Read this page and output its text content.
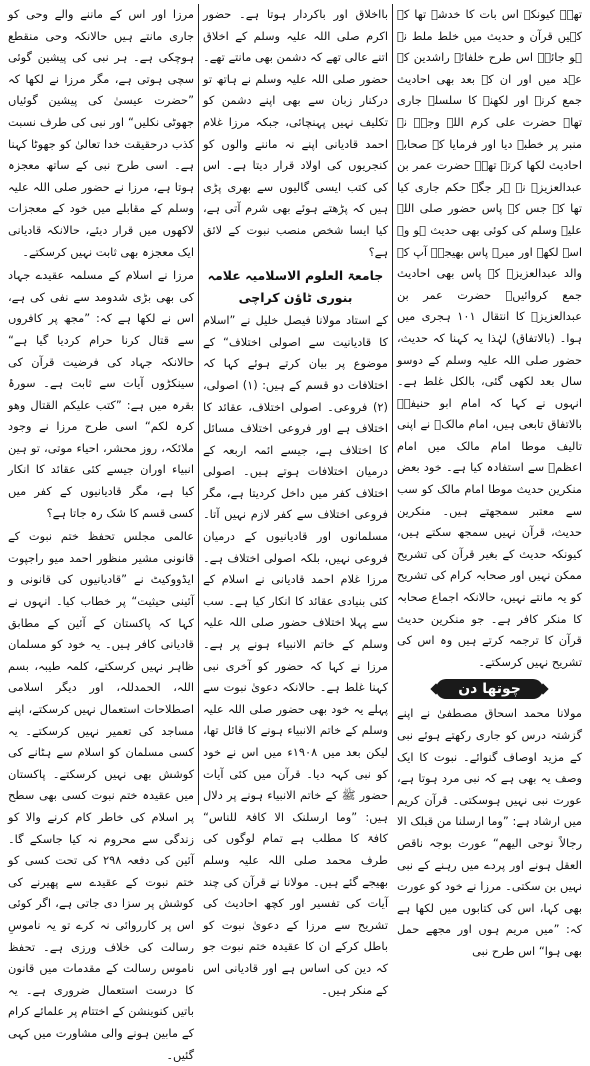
تھے۔ کیونکہ اس بات کا خدشہ تھا کہ کہیں قرآن و حدیث میں خلط ملط نہ ہو جائے۔ اس طرح خلفائے راشدین کے عہد میں اور ان کے بعد بھی احادیث جمع کرنے اور لکھنے کا سلسلہ جاری تھا۔ حضرت علی کرم اللہ وجہہ نے منبر پر خطبہ دیا اور فرمایا کہ صحابہ احادیث لکھا کرتے تھے۔ حضرت عمر بن عبدالعزیزؒ نے ہر جگہ حکم جاری کیا تھا کہ جس کے پاس حضور صلی اللہ علیہ وسلم کی کوئی بھی حدیث ہو وہ اسے لکھے اور میرے پاس بھیجے۔ آپ کے والد عبدالعزیزؒ کے پاس بھی احادیث جمع کروائیں۔ حضرت عمر بن عبدالعزیزؒ کا انتقال ۱۰۱ ہجری میں ہوا۔ (بالاتفاق) لہٰذا یہ کہنا کہ حدیث، حضور صلی اللہ علیہ وسلم کے دوسو سال بعد لکھی گئی، بالکل غلط ہے۔ انہوں نے کہا کہ امام ابو حنیفہؒ بالاتفاق تابعی ہیں، امام مالکؒ نے اپنی تالیف موطا امام مالک میں امام اعظمؒ سے استفادہ کیا ہے۔ خود بعض منکرین حدیث موطا امام مالک کو سب سے معتبر سمجھتے ہیں۔ منکرین حدیث، قرآن نہیں سمجھ سکتے ہیں، کیونکہ حدیث کے بغیر قرآن کی تشریح ممکن نہیں اور صحابہ کرام کی تشریح کو یہ مانتے نہیں، حالانکہ اجماع صحابہ کا منکر کافر ہے۔ جو منکرین حدیث قرآن کا ترجمہ کرتے ہیں وہ اس کی تشریح نہیں کرسکتے۔

چوتھا دن

مولانا محمد اسحاق مصطفیٰ نے اپنے گزشتہ درس کو جاری رکھتے ہوئے نبی کے مزید اوصاف گنوائے۔ نبوت کا ایک وصف یہ بھی ہے کہ نبی مرد ہوتا ہے، عورت نبی نہیں ہوسکتی۔ قرآن کریم میں ارشاد ہے: ”وما ارسلنا من قبلک الا رجالاً نوحی الیھم“ عورت بوجہ ناقص العقل ہونے اور پردے میں رہنے کے نبی نہیں بن سکتی۔ مرزا نے خود کو عورت بھی کہا، اس کی کتابوں میں لکھا ہے کہ: ”میں مریم ہوں اور مجھے حمل بھی ہوا“ اس طرح نبی

بااخلاق اور باکردار ہوتا ہے۔ حضور اکرم صلی اللہ علیہ وسلم کے اخلاق اتنے عالی تھے کہ دشمن بھی مانتے تھے۔ حضور صلی اللہ علیہ وسلم نے ہاتھ تو درکنار زبان سے بھی اپنے دشمن کو تکلیف نہیں پہنچائی، جبکہ مرزا غلام احمد قادیانی اپنے نہ ماننے والوں کو کنجریوں کی اولاد قرار دیتا ہے۔ اس کی کتب ایسی گالیوں سے بھری پڑی ہیں کہ پڑھتے ہوئے بھی شرم آتی ہے، کیا ایسا شخص منصب نبوت کے لائق ہے؟

جامعۃ العلوم الاسلامیہ علامہ بنوری ٹاؤن کراچی

کے استاد مولانا فیصل خلیل نے ”اسلام کا قادیانیت سے اصولی اختلاف“ کے موضوع پر بیان کرتے ہوئے کہا کہ اختلافات دو قسم کے ہیں: (۱) اصولی، (۲) فروعی۔ اصولی اختلاف، عقائد کا اختلاف ہے اور فروعی اختلاف مسائل کا اختلاف ہے، جیسے ائمہ اربعہ کے درمیان اختلافات ہوتے ہیں۔ اصولی اختلاف کفر میں داخل کردیتا ہے، مگر فروعی اختلاف سے کفر لازم نہیں آتا۔ مسلمانوں اور قادیانیوں کے درمیان فروعی نہیں، بلکہ اصولی اختلاف ہے۔ مرزا غلام احمد قادیانی نے اسلام کے کئی بنیادی عقائد کا انکار کیا ہے۔ سب سے پہلا اختلاف حضور صلی اللہ علیہ وسلم کے خاتم الانبیاء ہونے پر ہے۔ مرزا نے کہا کہ حضور کو آخری نبی کہنا غلط ہے۔ حالانکہ دعویٰ نبوت سے پہلے یہ خود بھی حضور صلی اللہ علیہ وسلم کے خاتم الانبیاء ہونے کا قائل تھا، لیکن بعد میں ۱۹۰۸ء میں اس نے خود کو نبی کہہ دیا۔ قرآن میں کئی آیات حضور ﷺ کے خاتم الانبیاء ہونے پر دلال ہیں: ”وما ارسلنک الا کافۃ للناس“ کافۃ کا مطلب ہے تمام لوگوں کی طرف محمد صلی اللہ علیہ وسلم بھیجے گئے ہیں۔ مولانا نے قرآن کی چند آیات کی تفسیر اور کچھ احادیث کی تشریح سے مرزا کے دعویٰ نبوت کو باطل کرکے ان کا عقیدہ ختم نبوت جو کہ دین کی اساس ہے اور قادیانی اس کے منکر ہیں۔

مرزا اور اس کے ماننے والے وحی کو جاری مانتے ہیں حالانکہ وحی منقطع ہوچکی ہے۔ ہر نبی کی پیشین گوئی سچی ہوتی ہے، مگر مرزا نے لکھا کہ ”حضرت عیسیٰ کی پیشین گوئیاں جھوٹی نکلیں“ اور نبی کی طرف نسبت کذب درحقیقت خدا تعالیٰ کو جھوٹا کہنا ہے۔ اسی طرح نبی کے ساتھ معجزہ ہوتا ہے، مرزا نے حضور صلی اللہ علیہ وسلم کے مقابلے میں خود کے معجزات لاکھوں میں قرار دیئے، حالانکہ قادیانی ایک معجزہ بھی ثابت نہیں کرسکتے۔

مرزا نے اسلام کے مسلمہ عقیدے جہاد کی بھی بڑی شدومد سے نفی کی ہے، اس نے لکھا ہے کہ: ”مجھ پر کافروں سے قتال کرنا حرام کردیا گیا ہے“ حالانکہ جہاد کی فرضیت قرآن کی سینکڑوں آیات سے ثابت ہے۔ سورۂ بقرہ میں ہے: ”کتب علیکم القتال وھو کرہ لکم“ اسی طرح مرزا نے وجود ملائکہ، روز محشر، احیاء موتی، تو ہین انبیاء اوران جیسے کئی عقائد کا انکار کیا ہے، مگر قادیانیوں کے کفر میں کسی قسم کا شک رہ جاتا ہے؟

عالمی مجلس تحفظ ختم نبوت کے قانونی مشیر منظور احمد میو راجپوت ایڈووکیٹ نے ”قادیانیوں کی قانونی و آئینی حیثیت“ پر خطاب کیا۔ انہوں نے کہا کہ پاکستان کے آئین کے مطابق قادیانی کافر ہیں۔ یہ خود کو مسلمان ظاہر نہیں کرسکتے، کلمہ طیبہ، بسم اللہ، الحمدللہ، اور دیگر اسلامی اصطلاحات استعمال نہیں کرسکتے، اپنے مساجد کی تعمیر نہیں کرسکتے۔ یہ کسی مسلمان کو اسلام سے ہٹانے کی کوشش بھی نہیں کرسکتے۔ پاکستان میں عقیدہ ختم نبوت کسی بھی سطح پر اسلام کی خاطر کام کرنے والا کو زندگی سے محروم نہ کیا جاسکے گا۔ آئین کی دفعہ ۲۹۸ کی تحت کسی کو ختم نبوت کے عقیدے سے پھیرنے کی کوشش پر سزا دی جاتی ہے، اگر کوئی اس پر کارروائی نہ کرے تو یہ ناموسِ رسالت کی خلاف ورزی ہے۔ تحفظ ناموس رسالت کے مقدمات میں قانون کا درست استعمال ضروری ہے۔ یہ باتیں کنوینشن کے اختتام پر علمائے کرام کے مابین ہونے والی مشاورت میں کہی گئیں۔
